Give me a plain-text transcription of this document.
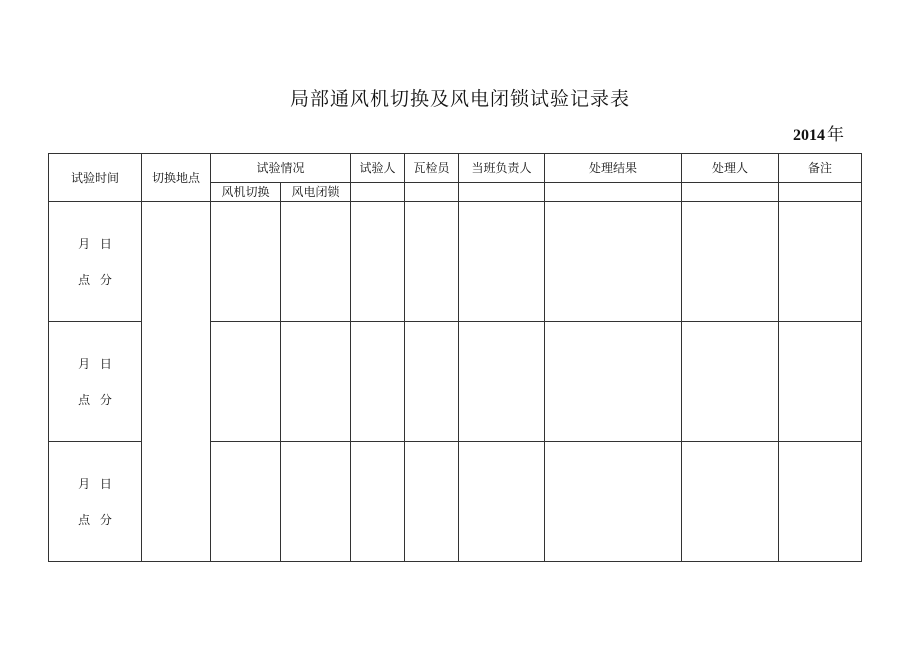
局部通风机切换及风电闭锁试验记录表
2014 年
试验时间	切换地点	试验情况		试验人	瓦检员	当班负责人	处理结果	处理人	备注
		风机切换	风电闭锁						

月 日
点 分									

月 日
点 分									

月 日
点 分									
